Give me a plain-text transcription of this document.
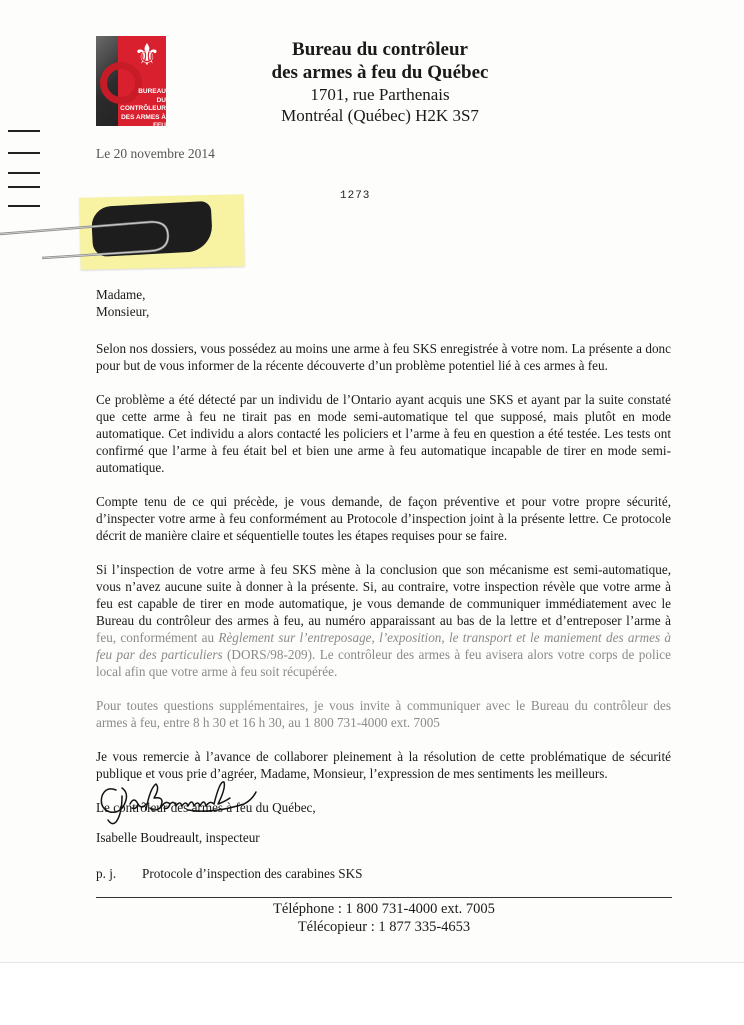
⚜
BUREAU
DU CONTRÔLEUR
DES ARMES À FEU
Bureau du contrôleur
des armes à feu du Québec
1701, rue Parthenais
Montréal (Québec) H2K 3S7
Le 20 novembre 2014
1273

Madame,
Monsieur,

Selon nos dossiers, vous possédez au moins une arme à feu SKS enregistrée à votre nom. La présente a donc pour but de vous informer de la récente découverte d’un problème potentiel lié à ces armes à feu.

Ce problème a été détecté par un individu de l’Ontario ayant acquis une SKS et ayant par la suite constaté que cette arme à feu ne tirait pas en mode semi-automatique tel que supposé, mais plutôt en mode automatique. Cet individu a alors contacté les policiers et l’arme à feu en question a été testée. Les tests ont confirmé que l’arme à feu était bel et bien une arme à feu automatique incapable de tirer en mode semi-automatique.

Compte tenu de ce qui précède, je vous demande, de façon préventive et pour votre propre sécurité, d’inspecter votre arme à feu conformément au Protocole d’inspection joint à la présente lettre. Ce protocole décrit de manière claire et séquentielle toutes les étapes requises pour se faire.

Si l’inspection de votre arme à feu SKS mène à la conclusion que son mécanisme est semi-automatique, vous n’avez aucune suite à donner à la présente. Si, au contraire, votre inspection révèle que votre arme à feu est capable de tirer en mode automatique, je vous demande de communiquer immédiatement avec le Bureau du contrôleur des armes à feu, au numéro apparaissant au bas de la lettre et d’entreposer l’arme à feu, conformément au Règlement sur l’entreposage, l’exposition, le transport et le maniement des armes à feu par des particuliers (DORS/98-209). Le contrôleur des armes à feu avisera alors votre corps de police local afin que votre arme à feu soit récupérée.

Pour toutes questions supplémentaires, je vous invite à communiquer avec le Bureau du contrôleur des armes à feu, entre 8 h 30 et 16 h 30, au 1 800 731-4000 ext. 7005

Je vous remercie à l’avance de collaborer pleinement à la résolution de cette problématique de sécurité publique et vous prie d’agréer, Madame, Monsieur, l’expression de mes sentiments les meilleurs.

Le contrôleur des armes à feu du Québec,

Isabelle Boudreault, inspecteur
p. j. Protocole d’inspection des carabines SKS
Téléphone : 1 800 731-4000 ext. 7005
Télécopieur : 1 877 335-4653
